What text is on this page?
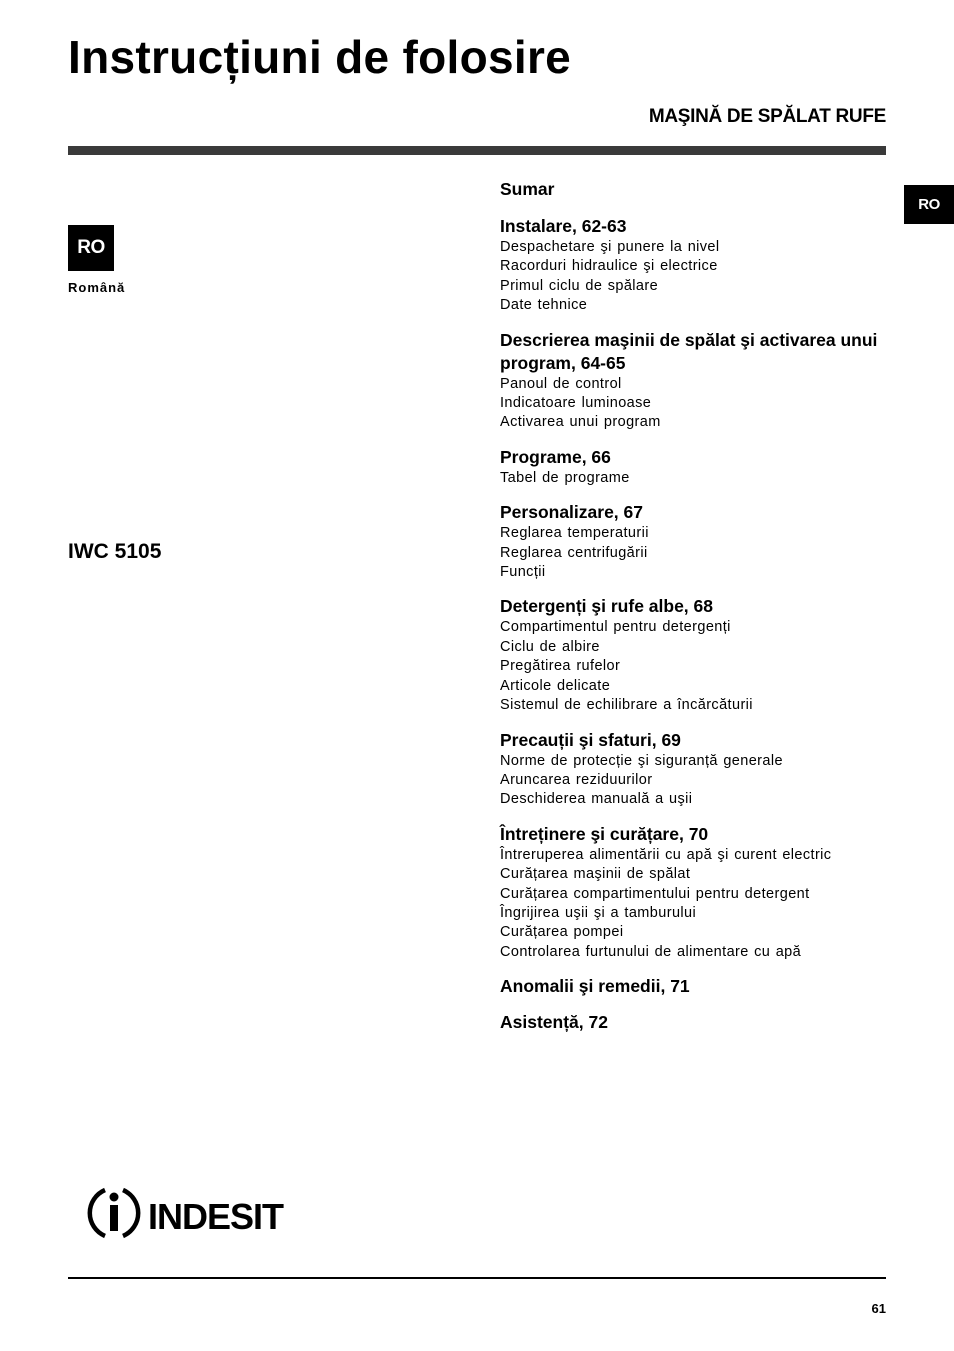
Instrucțiuni de folosire
MAŞINĂ DE SPĂLAT RUFE
RO
RO
Română
IWC 5105
Sumar
Instalare, 62-63
Despachetare şi punere la nivel
Racorduri hidraulice şi electrice
Primul ciclu de spălare
Date tehnice
Descrierea maşinii de spălat şi activarea unui program, 64-65
Panoul de control
Indicatoare luminoase
Activarea unui program
Programe, 66
Tabel de programe
Personalizare, 67
Reglarea temperaturii
Reglarea centrifugării
Funcții
Detergenți şi rufe albe, 68
Compartimentul pentru detergenți
Ciclu de albire
Pregătirea rufelor
Articole delicate
Sistemul de echilibrare a încărcăturii
Precauții şi sfaturi, 69
Norme de protecție şi siguranță generale
Aruncarea reziduurilor
Deschiderea manuală a uşii
Întreținere şi curățare, 70
Întreruperea alimentării cu apă şi curent electric
Curățarea maşinii de spălat
Curățarea compartimentului pentru detergent
Îngrijirea uşii şi a tamburului
Curățarea pompei
Controlarea furtunului de alimentare cu apă
Anomalii şi remedii, 71
Asistență, 72
INDESIT
61
